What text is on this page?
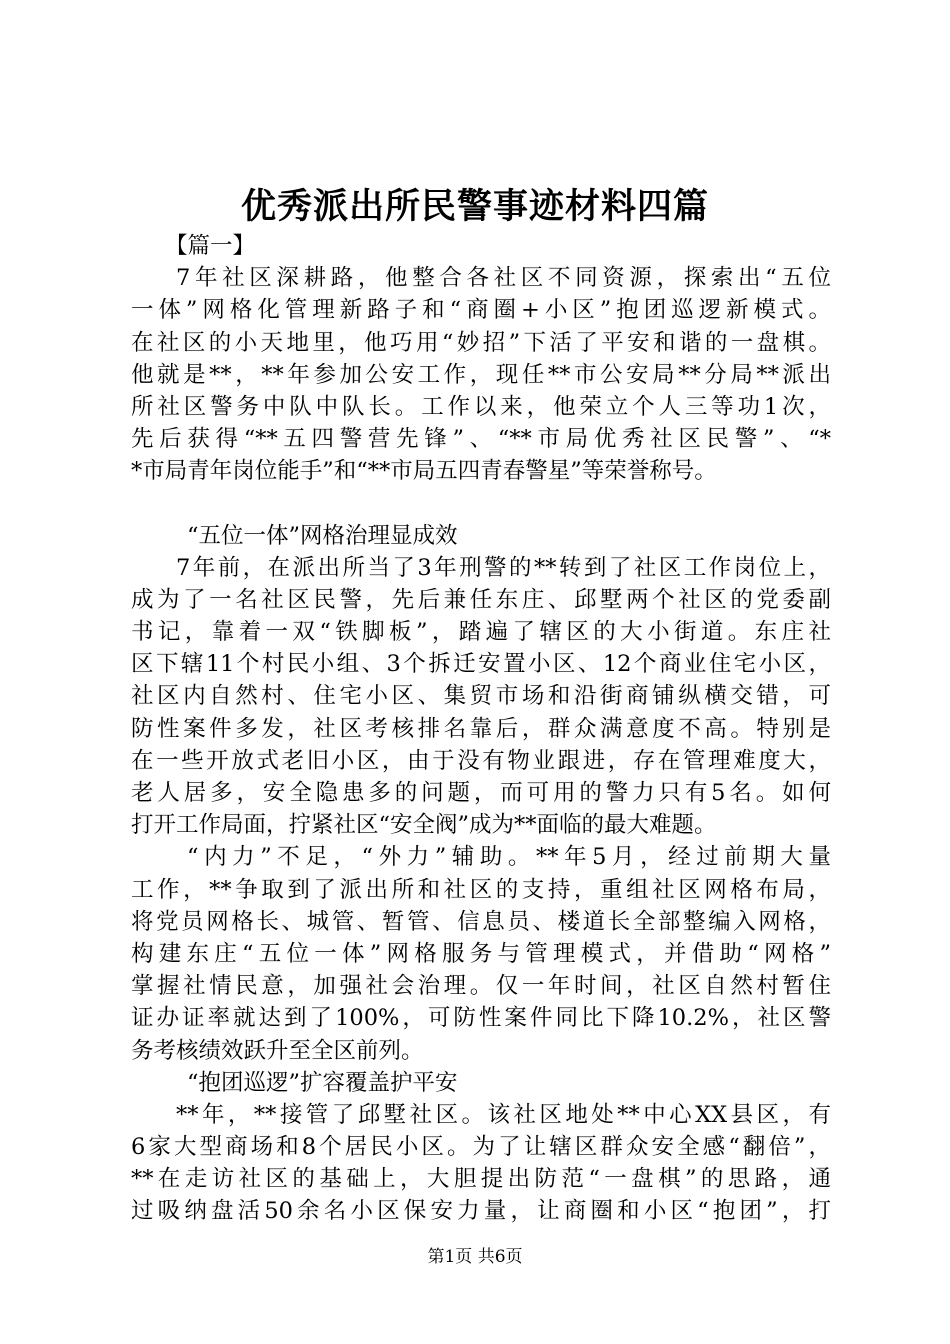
优秀派出所民警事迹材料四篇
【篇一】
7年社区深耕路，他整合各社区不同资源，探索出“五位
一体”网格化管理新路子和“商圈+小区”抱团巡逻新模式。
在社区的小天地里，他巧用“妙招”下活了平安和谐的一盘棋。
他就是**，**年参加公安工作，现任**市公安局**分局**派出
所社区警务中队中队长。工作以来，他荣立个人三等功1次，
先后获得“**五四警营先锋”、“**市局优秀社区民警”、“*
*市局青年岗位能手”和“**市局五四青春警星”等荣誉称号。
“五位一体”网格治理显成效
7年前，在派出所当了3年刑警的**转到了社区工作岗位上，
成为了一名社区民警，先后兼任东庄、邱墅两个社区的党委副
书记，靠着一双“铁脚板”，踏遍了辖区的大小街道。东庄社
区下辖11个村民小组、3个拆迁安置小区、12个商业住宅小区，
社区内自然村、住宅小区、集贸市场和沿街商铺纵横交错，可
防性案件多发，社区考核排名靠后，群众满意度不高。特别是
在一些开放式老旧小区，由于没有物业跟进，存在管理难度大，
老人居多，安全隐患多的问题，而可用的警力只有5名。如何
打开工作局面，拧紧社区“安全阀”成为**面临的最大难题。
“内力”不足，“外力”辅助。**年5月，经过前期大量
工作，**争取到了派出所和社区的支持，重组社区网格布局，
将党员网格长、城管、暂管、信息员、楼道长全部整编入网格，
构建东庄“五位一体”网格服务与管理模式，并借助“网格”
掌握社情民意，加强社会治理。仅一年时间，社区自然村暂住
证办证率就达到了100%，可防性案件同比下降10.2%，社区警
务考核绩效跃升至全区前列。
“抱团巡逻”扩容覆盖护平安
**年，**接管了邱墅社区。该社区地处**中心XX县区，有
6家大型商场和8个居民小区。为了让辖区群众安全感“翻倍”，
**在走访社区的基础上，大胆提出防范“一盘棋”的思路，通
过吸纳盘活50余名小区保安力量，让商圈和小区“抱团”，打
第1页 共6页
